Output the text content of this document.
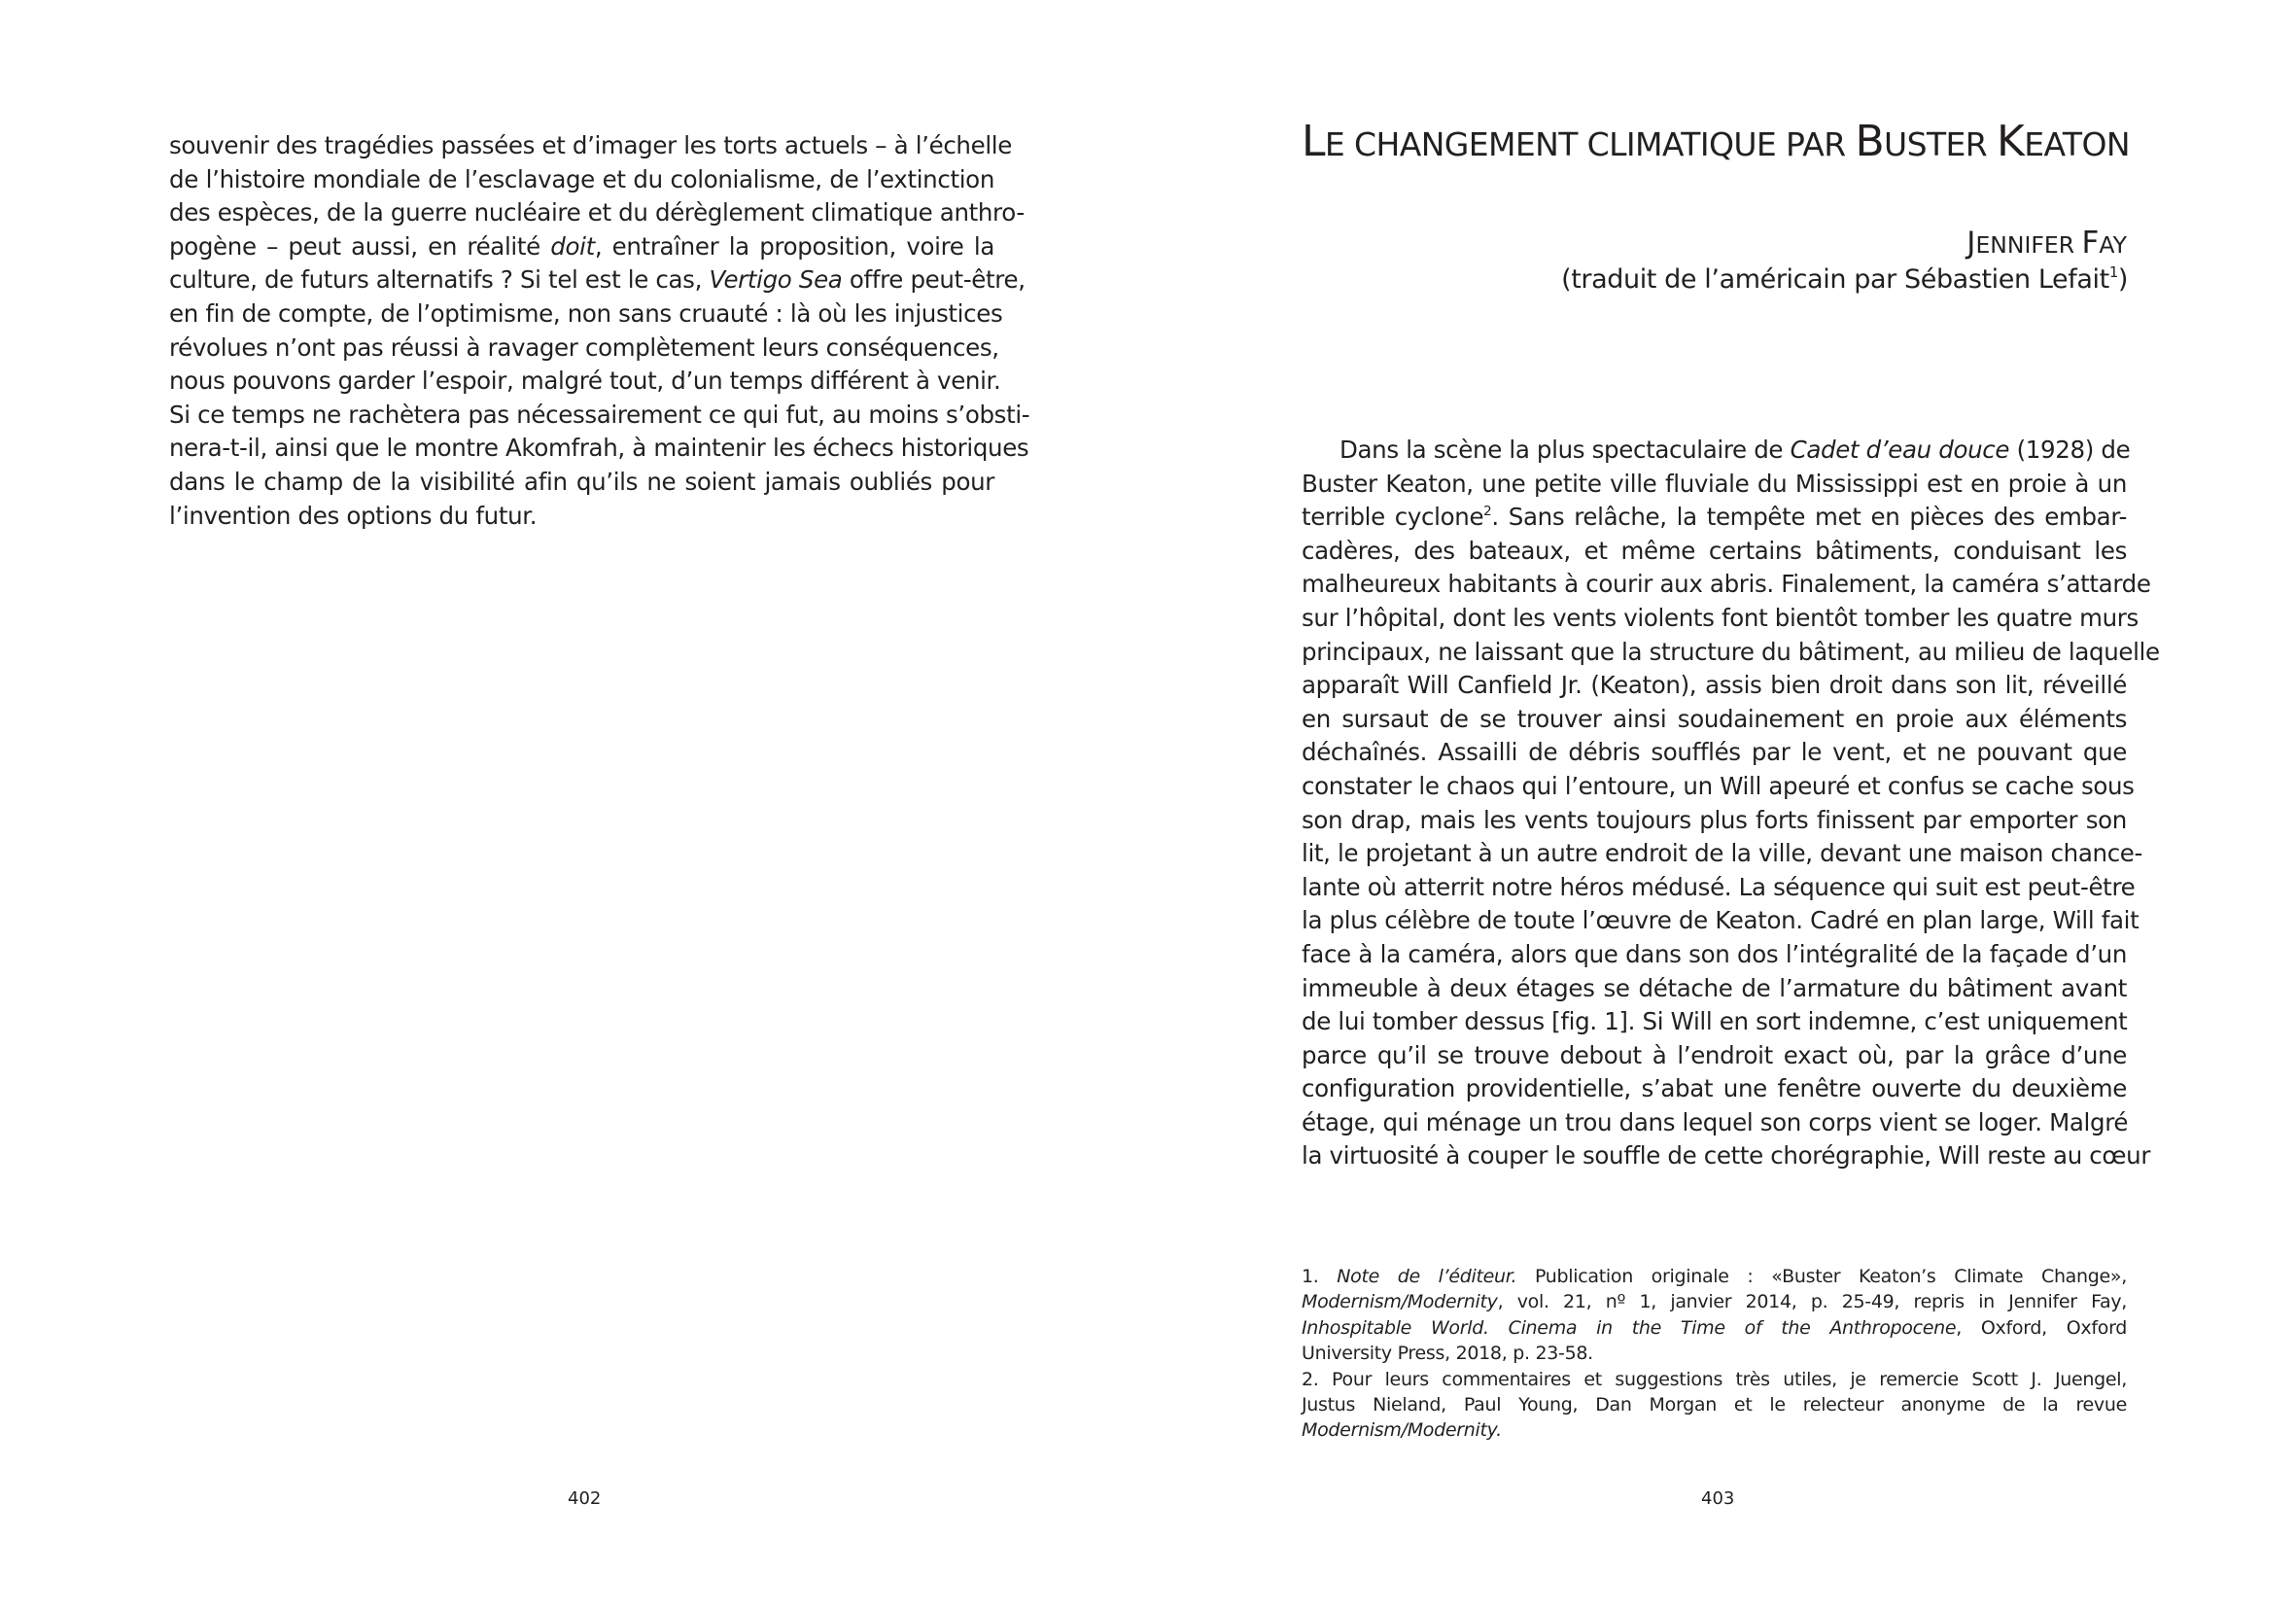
souvenir des tragédies passées et d’imager les torts actuels – à l’échelle
de l’histoire mondiale de l’esclavage et du colonialisme, de l’extinction
des espèces, de la guerre nucléaire et du dérèglement climatique anthro-
pogène – peut aussi, en réalité doit, entraîner la proposition, voire la
culture, de futurs alternatifs ? Si tel est le cas, Vertigo Sea offre peut-être,
en fin de compte, de l’optimisme, non sans cruauté : là où les injustices
révolues n’ont pas réussi à ravager complètement leurs conséquences,
nous pouvons garder l’espoir, malgré tout, d’un temps différent à venir.
Si ce temps ne rachètera pas nécessairement ce qui fut, au moins s’obsti-
nera-t-il, ainsi que le montre Akomfrah, à maintenir les échecs historiques
dans le champ de la visibilité afin qu’ils ne soient jamais oubliés pour
l’invention des options du futur.
402
LE CHANGEMENT CLIMATIQUE PAR BUSTER KEATON
JENNIFER FAY
(traduit de l’américain par Sébastien Lefait$^1$)
Dans la scène la plus spectaculaire de Cadet d’eau douce (1928) de
Buster Keaton, une petite ville fluviale du Mississippi est en proie à un
terrible cyclone$^2$. Sans relâche, la tempête met en pièces des embar-
cadères, des bateaux, et même certains bâtiments, conduisant les
malheureux habitants à courir aux abris. Finalement, la caméra s’attarde
sur l’hôpital, dont les vents violents font bientôt tomber les quatre murs
principaux, ne laissant que la structure du bâtiment, au milieu de laquelle
apparaît Will Canfield Jr. (Keaton), assis bien droit dans son lit, réveillé
en sursaut de se trouver ainsi soudainement en proie aux éléments
déchaînés. Assailli de débris soufflés par le vent, et ne pouvant que
constater le chaos qui l’entoure, un Will apeuré et confus se cache sous
son drap, mais les vents toujours plus forts finissent par emporter son
lit, le projetant à un autre endroit de la ville, devant une maison chance-
lante où atterrit notre héros médusé. La séquence qui suit est peut-être
la plus célèbre de toute l’œuvre de Keaton. Cadré en plan large, Will fait
face à la caméra, alors que dans son dos l’intégralité de la façade d’un
immeuble à deux étages se détache de l’armature du bâtiment avant
de lui tomber dessus [fig. 1]. Si Will en sort indemne, c’est uniquement
parce qu’il se trouve debout à l’endroit exact où, par la grâce d’une
configuration providentielle, s’abat une fenêtre ouverte du deuxième
étage, qui ménage un trou dans lequel son corps vient se loger. Malgré
la virtuosité à couper le souffle de cette chorégraphie, Will reste au cœur
1. Note de l’éditeur. Publication originale : «Buster Keaton’s Climate Change»,
Modernism/Modernity, vol. 21, nº 1, janvier 2014, p. 25-49, repris in Jennifer Fay,
Inhospitable World. Cinema in the Time of the Anthropocene, Oxford, Oxford
University Press, 2018, p. 23-58.
2. Pour leurs commentaires et suggestions très utiles, je remercie Scott J. Juengel,
Justus Nieland, Paul Young, Dan Morgan et le relecteur anonyme de la revue
Modernism/Modernity.
403
